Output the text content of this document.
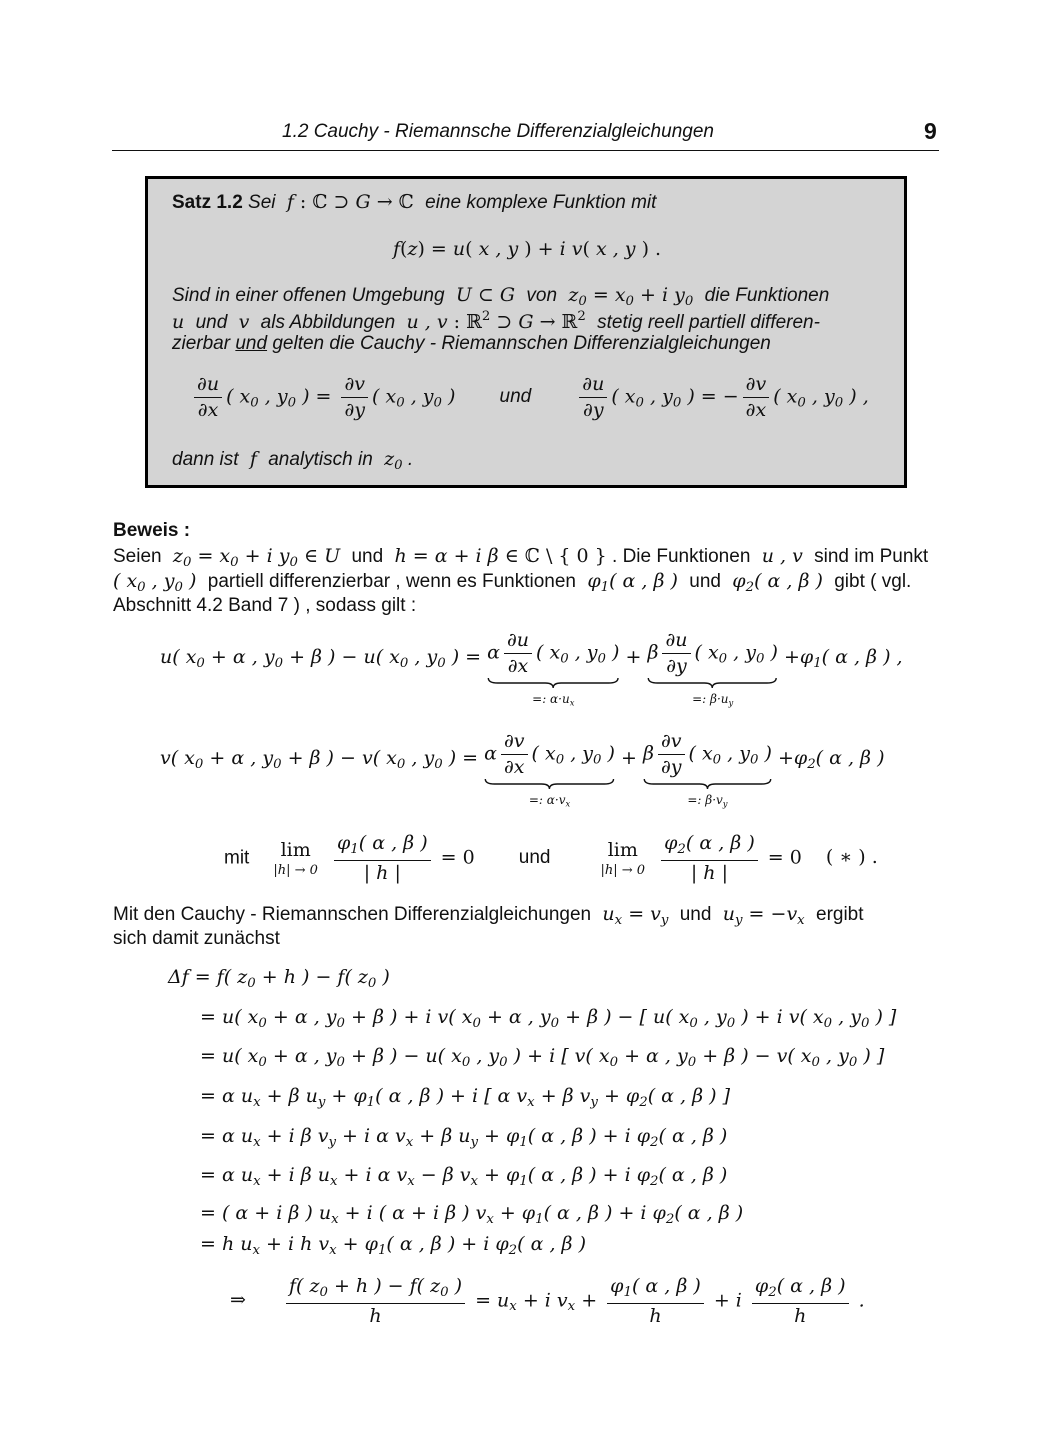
1.2 Cauchy - Riemannsche Differenzialgleichungen	9
Satz 1.2 Sei  f : ℂ ⊃ G → ℂ  eine komplexe Funktion mit
f(z) = u( x , y ) + i v( x , y ) .
Sind in einer offenen Umgebung  U ⊂ G  von  $z_0 = x_0 + i$ $y_0$ die Funktionen
u  und  v  als Abbildungen  u , v : ℝ$^2$ ⊃ G → ℝ$^2$ stetig reell partiell differen-
zierbar und gelten die Cauchy - Riemannschen Differenzialgleichungen
$\frac{\partial u}{\partial x}$ ( $x_0$ , $y_0$ ) = $\frac{\partial v}{\partial y}$ ( $x_0$ , $y_0$ ) und	$\frac{\partial u}{\partial y}$ ( $x_0$ , $y_0$ ) = − $\frac{\partial v}{\partial x}$ ( $x_0$ , $y_0$ ) ,
dann ist  f  analytisch in  $z_0$ .
Beweis :
Seien  $z_0 = x_0 + i$ $y_0$ ∈ U  und  h = α + i β ∈ ℂ \ { 0 } . Die Funktionen  u , v  sind im Punkt
( $x_0$ , $y_0$ )  partiell differenzierbar , wenn es Funktionen  $\varphi_1$( α , β )  und  $\varphi_2$( α , β )  gibt ( vgl.
Abschnitt 4.2 Band 7 ) , sodass gilt :
u( $x_0 + \alpha$ , $y_0 + \beta$ ) − u( $x_0$ , $y_0$ ) = α $\frac{\partial u}{\partial x}$ ( $x_0$ , $y_0$ )
=: $\alpha\cdot u_x$
+ β $\frac{\partial u}{\partial y}$ ( $x_0$ , $y_0$ )
=: $\beta\cdot u_y$
$+\varphi_1$( α , β ) ,
v( $x_0 + \alpha$ , $y_0 + \beta$ ) − v( $x_0$ , $y_0$ ) = α $\frac{\partial v}{\partial x}$ ( $x_0$ , $y_0$ )
=: $\alpha\cdot v_x$
+ β $\frac{\partial v}{\partial y}$ ( $x_0$ , $y_0$ )
=: $\beta\cdot v_y$
$+\varphi_2$( α , β )
mit lim
|h| → 0
$\frac{\varphi_1( \alpha , \beta )}{| h |} = 0$ und	lim
|h| → 0
$\frac{\varphi_2( \alpha , \beta )}{| h |} = 0$ ( ∗ ) .
Mit den Cauchy - Riemannschen Differenzialgleichungen  $u_x = v_y$ und  $u_y = -v_x$ ergibt
sich damit zunächst
Δf = f( $z_0 + h$ ) − f( $z_0$ )
= u( $x_0 + \alpha$ , $y_0 + \beta$ ) + i v( $x_0 + \alpha$ , $y_0 + \beta$ ) − [ u( $x_0$ , $y_0$ ) + i v( $x_0$ , $y_0$ ) ]
= u( $x_0 + \alpha$ , $y_0 + \beta$ ) − u( $x_0$ , $y_0$ ) + i [ v( $x_0 + \alpha$ , $y_0 + \beta$ ) − v( $x_0$ , $y_0$ ) ]
= α $u_x + \beta$ $u_y + \varphi_1$( α , β ) + i [ α $v_x + \beta$ $v_y + \varphi_2$( α , β ) ]
= α $u_x + i$ β $v_y + i$ α $v_x + \beta$ $u_y + \varphi_1$( α , β ) + i $\varphi_2$( α , β )
= α $u_x + i$ β $u_x + i$ α $v_x - \beta$ $v_x + \varphi_1$( α , β ) + i $\varphi_2$( α , β )
= ( α + i β ) $u_x + i$ ( α + i β ) $v_x + \varphi_1$( α , β ) + i $\varphi_2$( α , β )
= h $u_x + i$ h $v_x + \varphi_1$( α , β ) + i $\varphi_2$( α , β )
⇒ $\frac{f( z_0 + h ) - f( z_0 )}{h} = u_x + i$ $v_x + \frac{\varphi_1( \alpha , \beta )}{h} + i \frac{\varphi_2( \alpha , \beta )}{h}$ .
